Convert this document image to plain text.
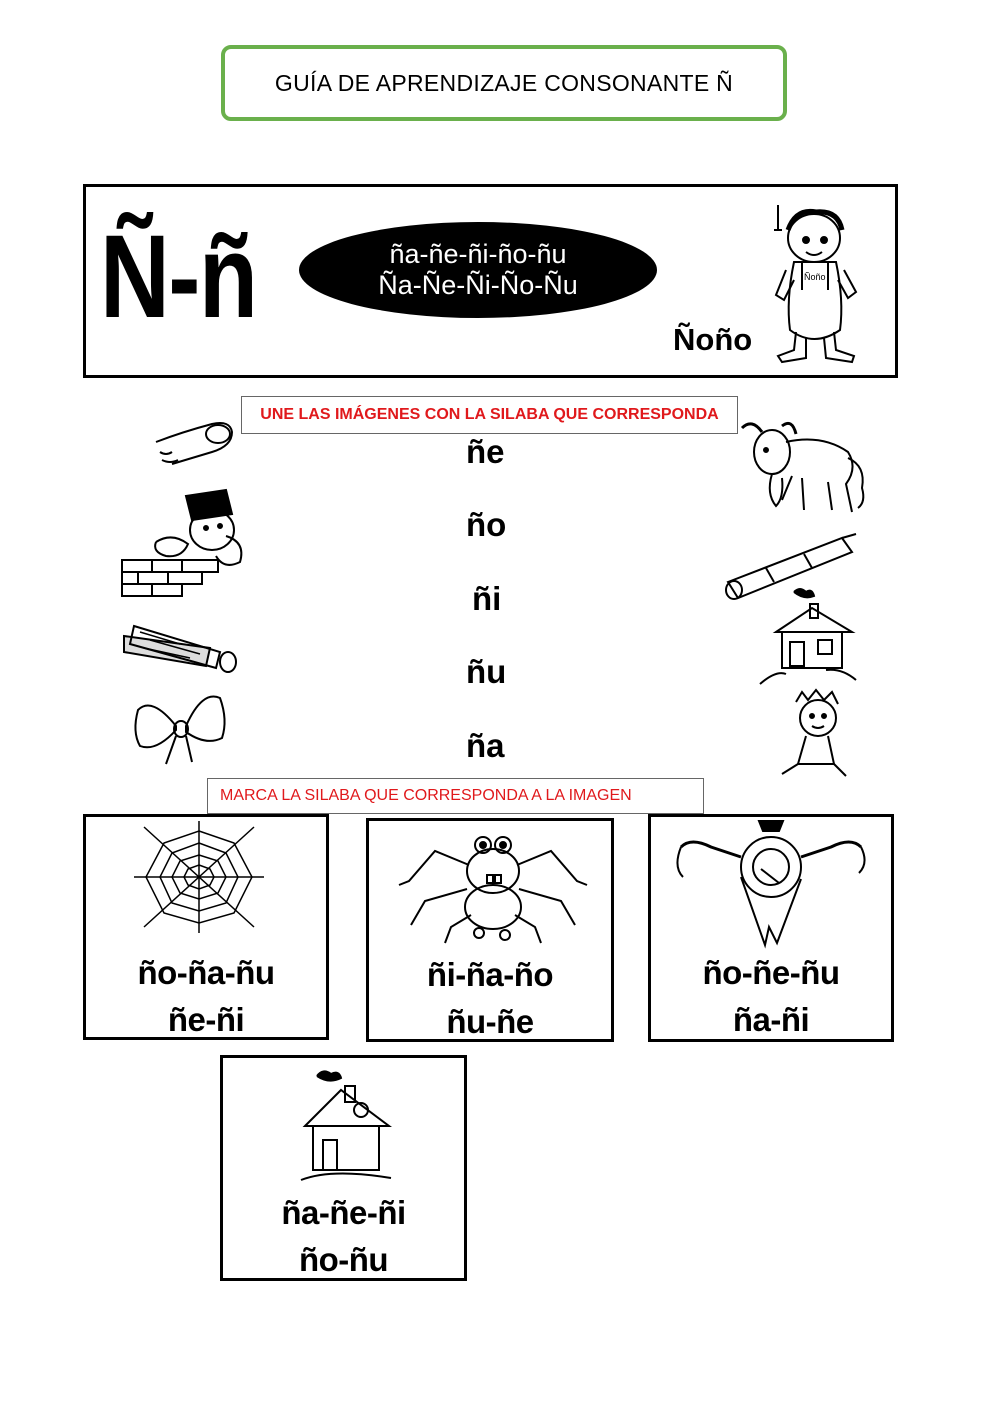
GUÍA DE APRENDIZAJE CONSONANTE Ñ
Ñ-ñ	ña-ñe-ñi-ño-ñu
Ña-Ñe-Ñi-Ño-Ñu
Ñoño
Ñoño
UNE LAS IMÁGENES CON LA SILABA QUE CORRESPONDA
ñe
ño
ñi
ñu
ña
MARCA LA SILABA QUE CORRESPONDA A LA IMAGEN
ño-ña-ñu
ñe-ñi
ñi-ña-ño
ñu-ñe
ño-ñe-ñu
ña-ñi
ña-ñe-ñi
ño-ñu
